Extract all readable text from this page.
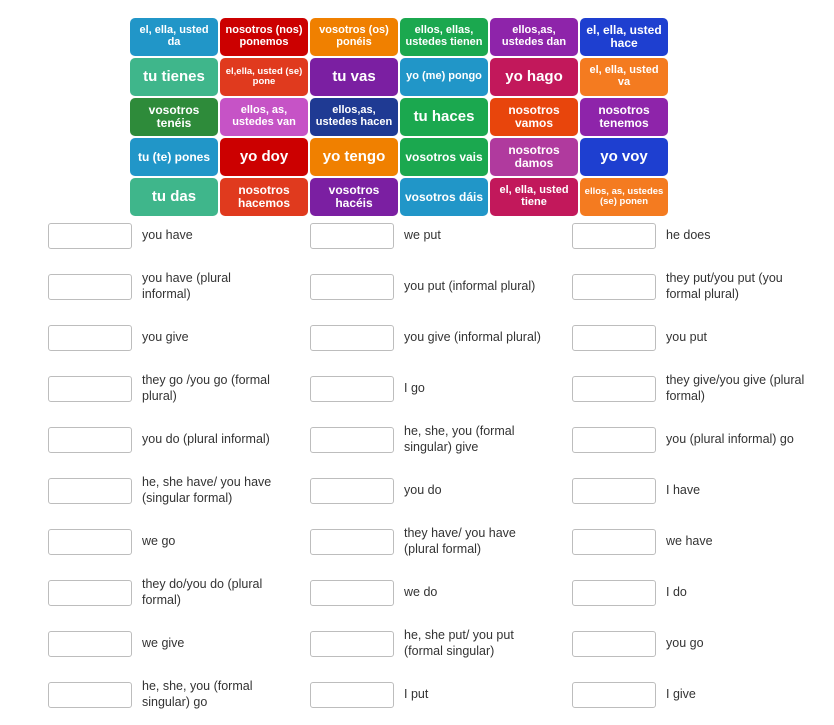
el, ella, usted da
nosotros (nos) ponemos
vosotros (os) ponéis
ellos, ellas, ustedes tienen
ellos,as, ustedes dan
el, ella, usted hace
tu tienes	el,ella, usted (se) pone	tu vas	yo (me) pongo	yo hago	el, ella, usted va
vosotros tenéis
ellos, as, ustedes van
ellos,as, ustedes hacen	tu haces	nosotros vamos
nosotros tenemos
tu (te) pones	yo doy	yo tengo	vosotros vais	nosotros damos	yo voy
tu das	nosotros hacemos
vosotros hacéis	vosotros dáis	el, ella, usted tiene
ellos, as, ustedes (se) ponen
you have
you have (plural informal)
you give
they go /you go (formal plural)
you do (plural informal)
he, she have/ you have (singular formal)
we go
they do/you do (plural formal)
we give
he, she, you (formal singular) go
we put
you put (informal plural)
you give (informal plural)
I go
he, she, you (formal singular) give
you do
they have/ you have (plural formal)
we do
he, she put/ you put (formal singular)
I put
he does
they put/you put (you formal plural)
you put
they give/you give (plural formal)
you (plural informal) go
I have
we have
I do
you go
I give
